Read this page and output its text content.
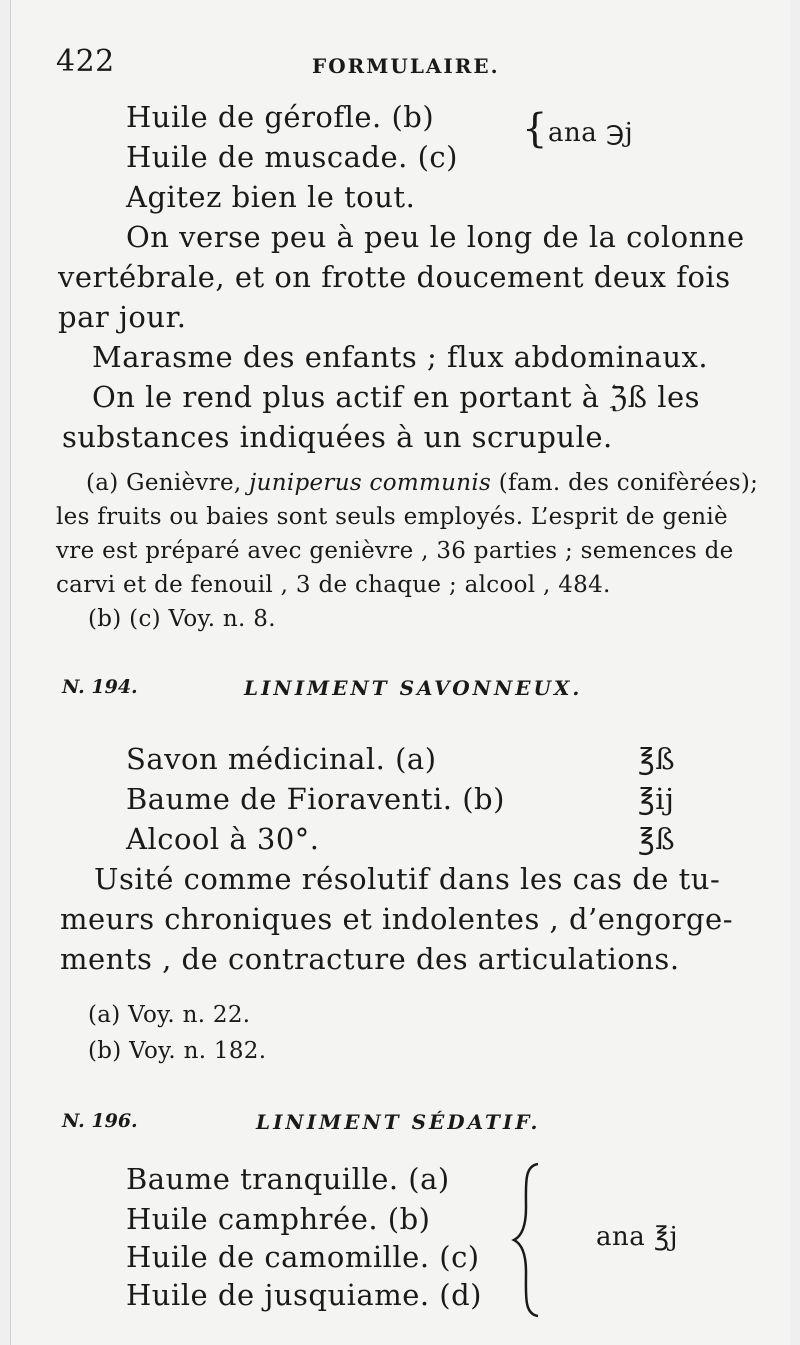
422	FORMULAIRE.
Huile de gérofle. (b)
Huile de muscade. (c)
{ ana ℈j
Agitez bien le tout.
On verse peu à peu le long de la colonne
vertébrale, et on frotte doucement deux fois
par jour.
Marasme des enfants ; flux abdominaux.
On le rend plus actif en portant à ℨß les
substances indiquées à un scrupule.
(a) Genièvre, juniperus communis (fam. des conifèrées);
les fruits ou baies sont seuls employés. L’esprit de geniè
vre est préparé avec genièvre , 36 parties ; semences de
carvi et de fenouil , 3 de chaque ; alcool , 484.
(b) (c) Voy. n. 8.
N. 194.	LINIMENT SAVONNEUX.
Savon médicinal. (a)	℥ß
Baume de Fioraventi. (b)	℥ij
Alcool à 30°.	℥ß
Usité comme résolutif dans les cas de tu-
meurs chroniques et indolentes , d’engorge-
ments , de contracture des articulations.
(a) Voy. n. 22.
(b) Voy. n. 182.
N. 196.	LINIMENT SÉDATIF.
Baume tranquille. (a)
Huile camphrée. (b)
Huile de camomille. (c)
Huile de jusquiame. (d)
ana ℥j
